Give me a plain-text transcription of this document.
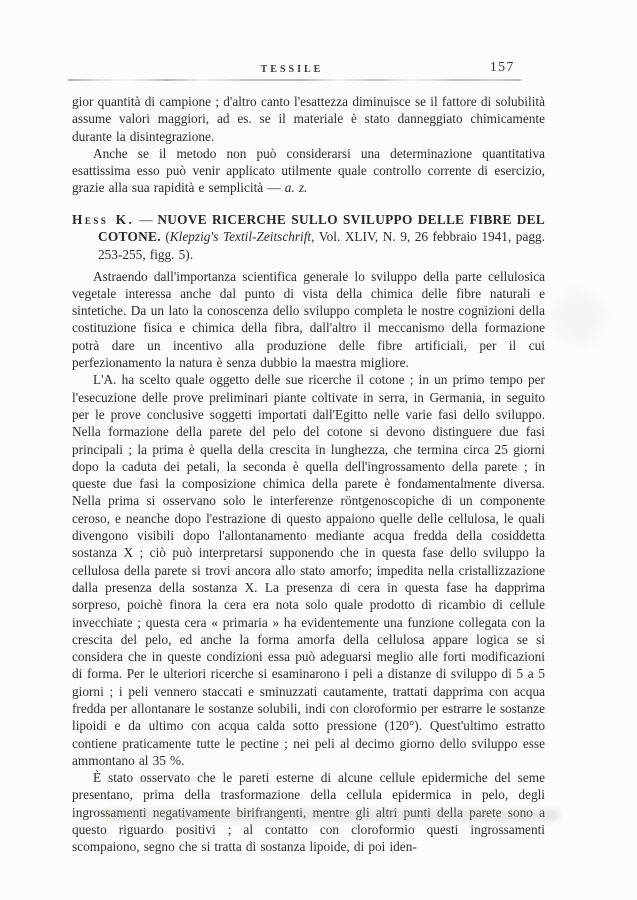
TESSILE	157

gior quantità di campione ; d'altro canto l'esattezza diminuisce se il fattore di solubilità assume valori maggiori, ad es. se il materiale è stato danneggiato chimicamente durante la disintegrazione.

Anche se il metodo non può considerarsi una determinazione quantitativa esattissima esso può venir applicato utilmente quale controllo corrente di esercizio, grazie alla sua rapidità e semplicità — a. z.

Hess K. — NUOVE RICERCHE SULLO SVILUPPO DELLE FIBRE DEL COTONE. (Klepzig's Textil-Zeitschrift, Vol. XLIV, N. 9, 26 febbraio 1941, pagg. 253-255, figg. 5).

Astraendo dall'importanza scientifica generale lo sviluppo della parte cellulosica vegetale interessa anche dal punto di vista della chimica delle fibre naturali e sintetiche. Da un lato la conoscenza dello sviluppo completa le nostre cognizioni della costituzione fisica e chimica della fibra, dall'altro il meccanismo della formazione potrà dare un incentivo alla produzione delle fibre artificiali, per il cui perfezionamento la natura è senza dubbio la maestra migliore.

L'A. ha scelto quale oggetto delle sue ricerche il cotone ; in un primo tempo per l'esecuzione delle prove preliminari piante coltivate in serra, in Germania, in seguito per le prove conclusive soggetti importati dall'Egitto nelle varie fasi dello sviluppo. Nella formazione della parete del pelo del cotone si devono distinguere due fasi principali ; la prima è quella della crescita in lunghezza, che termina circa 25 giorni dopo la caduta dei petali, la seconda è quella dell'ingrossamento della parete ; in queste due fasi la composizione chimica della parete è fondamentalmente diversa. Nella prima si osservano solo le interferenze röntgenoscopiche di un componente ceroso, e neanche dopo l'estrazione di questo appaiono quelle delle cellulosa, le quali divengono visibili dopo l'allontanamento mediante acqua fredda della cosiddetta sostanza X ; ciò può interpretarsi supponendo che in questa fase dello sviluppo la cellulosa della parete si trovi ancora allo stato amorfo; impedita nella cristallizzazione dalla presenza della sostanza X. La presenza di cera in questa fase ha dapprima sorpreso, poichè finora la cera era nota solo quale prodotto di ricambio di cellule invecchiate ; questa cera « primaria » ha evidentemente una funzione collegata con la crescita del pelo, ed anche la forma amorfa della cellulosa appare logica se si considera che in queste condizioni essa può adeguarsi meglio alle forti modificazioni di forma. Per le ulteriori ricerche si esaminarono i peli a distanze di sviluppo di 5 a 5 giorni ; i peli vennero staccati e sminuzzati cautamente, trattati dapprima con acqua fredda per allontanare le sostanze solubili, indi con cloroformio per estrarre le sostanze lipoidi e da ultimo con acqua calda sotto pressione (120°). Quest'ultimo estratto contiene praticamente tutte le pectine ; nei peli al decimo giorno dello sviluppo esse ammontano al 35 %.

È stato osservato che le pareti esterne di alcune cellule epidermiche del seme presentano, prima della trasformazione della cellula epidermica in pelo, degli ingrossamenti negativamente birifrangenti, mentre gli altri punti della parete sono a questo riguardo positivi ; al contatto con cloroformio questi ingrossamenti scompaiono, segno che si tratta di sostanza lipoide, di poi iden-
